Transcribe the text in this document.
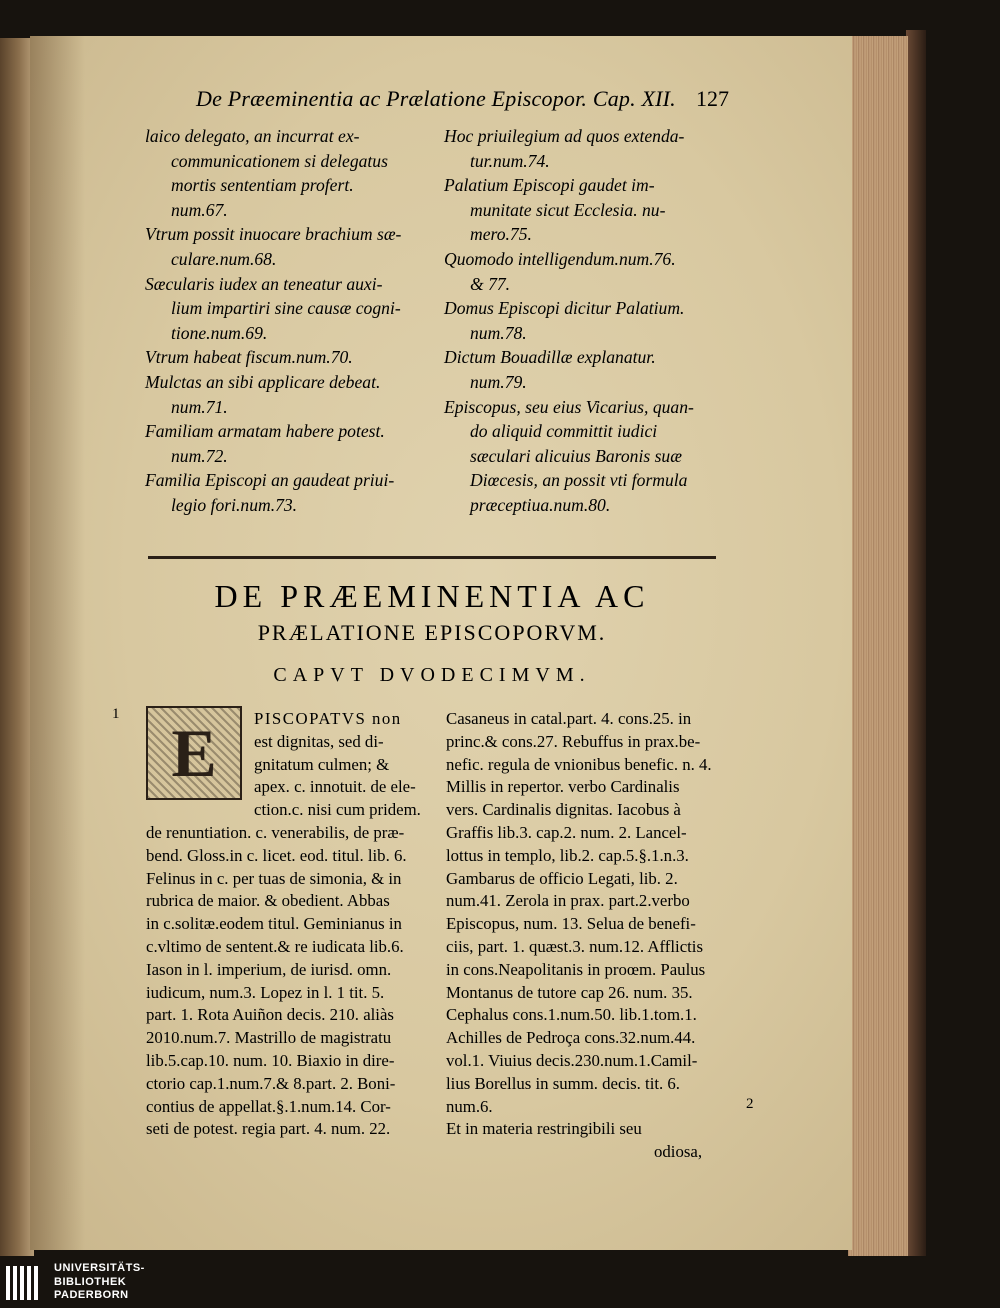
De Præeminentia ac Prælatione Episcopor. Cap. XII. 127
laico delegato, an incurrat ex-
communicationem si delegatus
mortis sententiam profert.
num.67.
Vtrum possit inuocare brachium sæ-
culare.num.68.
Sæcularis iudex an teneatur auxi-
lium impartiri sine causæ cogni-
tione.num.69.
Vtrum habeat fiscum.num.70.
Mulctas an sibi applicare debeat.
num.71.
Familiam armatam habere potest.
num.72.
Familia Episcopi an gaudeat priui-
legio fori.num.73.
Hoc priuilegium ad quos extenda-
tur.num.74.
Palatium Episcopi gaudet im-
munitate sicut Ecclesia. nu-
mero.75.
Quomodo intelligendum.num.76.
& 77.
Domus Episcopi dicitur Palatium.
num.78.
Dictum Bouadillæ explanatur.
num.79.
Episcopus, seu eius Vicarius, quan-
do aliquid committit iudici
sæculari alicuius Baronis suæ
Diœcesis, an possit vti formula
præceptiua.num.80.
DE PRÆEMINENTIA AC
PRÆLATIONE EPISCOPORVM.
CAPVT DVODECIMVM.
1
2
E	PISCOPATVS non
est dignitas, sed di-
gnitatum culmen; &
apex. c. innotuit. de ele-
ction.c. nisi cum pridem.
de renuntiation. c. venerabilis, de præ-
bend. Gloss.in c. licet. eod. titul. lib. 6.
Felinus in c. per tuas de simonia, & in
rubrica de maior. & obedient. Abbas
in c.solitæ.eodem titul. Geminianus in
c.vltimo de sentent.& re iudicata lib.6.
Iason in l. imperium, de iurisd. omn.
iudicum, num.3. Lopez in l. 1 tit. 5.
part. 1. Rota Auiñon decis. 210. aliàs
2010.num.7. Mastrillo de magistratu
lib.5.cap.10. num. 10. Biaxio in dire-
ctorio cap.1.num.7.& 8.part. 2. Boni-
contius de appellat.§.1.num.14. Cor-
seti de potest. regia part. 4. num. 22.
Casaneus in catal.part. 4. cons.25. in
princ.& cons.27. Rebuffus in prax.be-
nefic. regula de vnionibus benefic. n. 4.
Millis in repertor. verbo Cardinalis
vers. Cardinalis dignitas. Iacobus à
Graffis lib.3. cap.2. num. 2. Lancel-
lottus in templo, lib.2. cap.5.§.1.n.3.
Gambarus de officio Legati, lib. 2.
num.41. Zerola in prax. part.2.verbo
Episcopus, num. 13. Selua de benefi-
ciis, part. 1. quæst.3. num.12. Afflictis
in cons.Neapolitanis in proœm. Paulus
Montanus de tutore cap 26. num. 35.
Cephalus cons.1.num.50. lib.1.tom.1.
Achilles de Pedroça cons.32.num.44.
vol.1. Viuius decis.230.num.1.Camil-
lius Borellus in summ. decis. tit. 6.
num.6.
Et in materia restringibili seu
odiosa,
UNIVERSITÄTS-
BIBLIOTHEK
PADERBORN
